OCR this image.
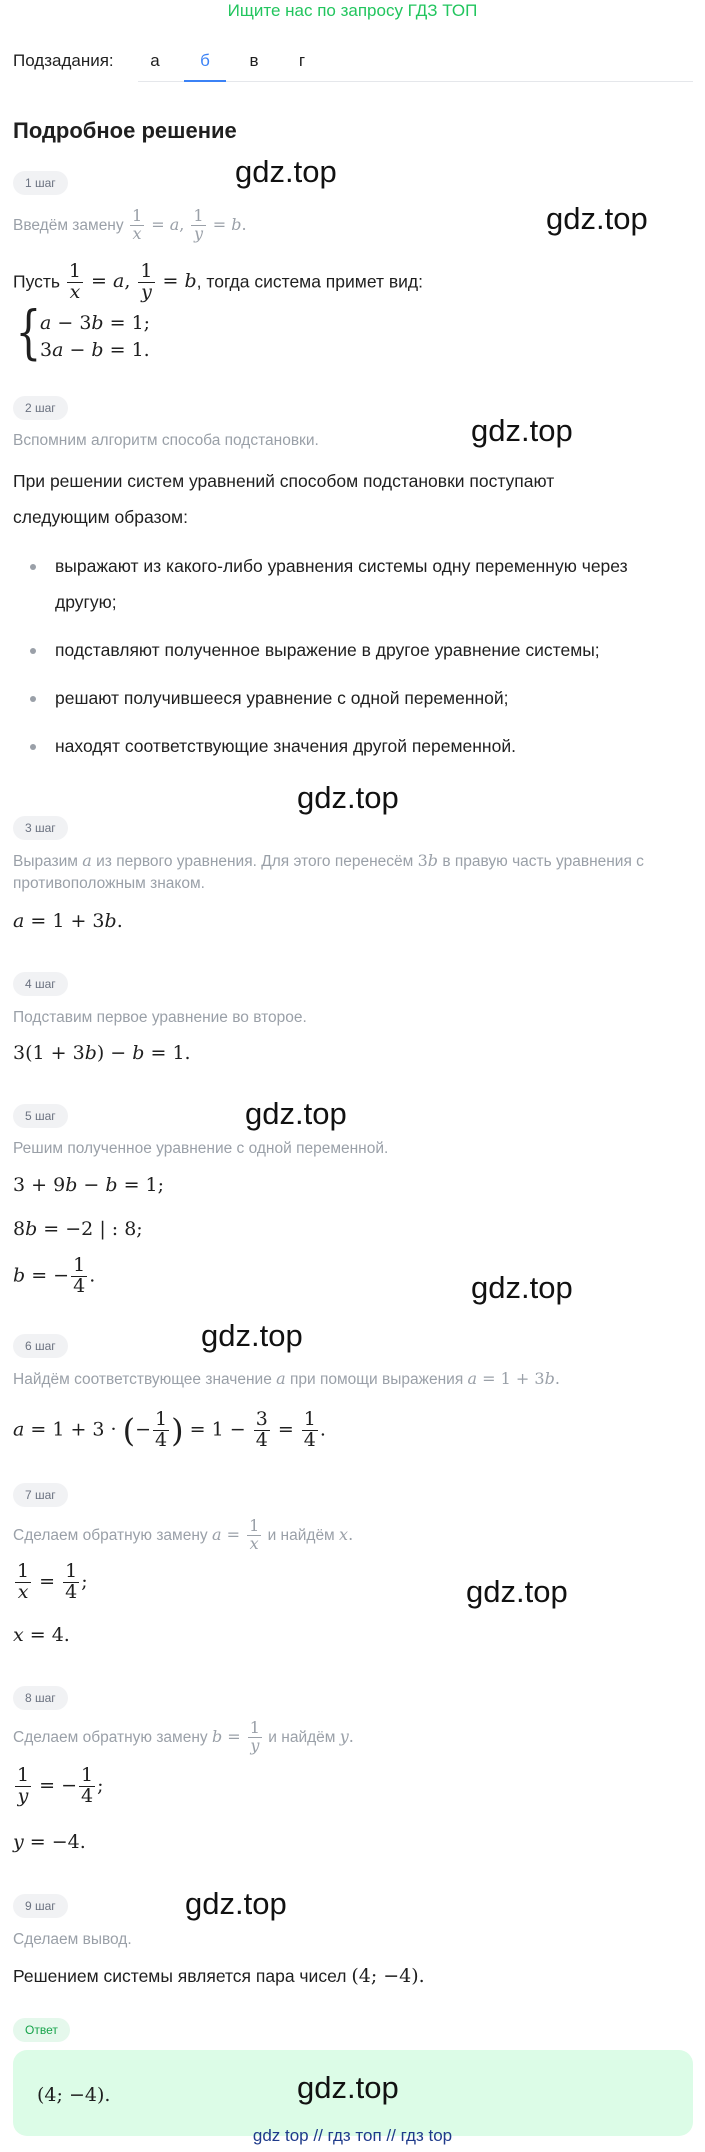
Ищите нас по запросу ГДЗ ТОП
Подзадания:	а	б	в	г
Подробное решение
1 шаг	gdz.top
gdz.top
Введём замену $\frac{1}{x} = a$, $\frac{1}{y} = b$.
Пусть $\frac{1}{x} = a$, $\frac{1}{y} = b$, тогда система примет вид:
{
a − 3b = 1;
3a − b = 1.
2 шаг
Вспомним алгоритм способа подстановки.	gdz.top
При решении систем уравнений способом подстановки поступают следующим образом:
выражают из какого-либо уравнения системы одну переменную через другую;
подставляют полученное выражение в другое уравнение системы;
решают получившееся уравнение с одной переменной;
находят соответствующие значения другой переменной.
gdz.top
3 шаг
Выразим a из первого уравнения. Для этого перенесём 3b в правую часть уравнения с противоположным знаком.
a = 1 + 3b.
4 шаг
Подставим первое уравнение во второе.
3(1 + 3b) − b = 1.
5 шаг	gdz.top
Решим полученное уравнение с одной переменной.
3 + 9b − b = 1;
8b = −2 | : 8;
b = − $\frac{1}{4}$ .	gdz.top
gdz.top
6 шаг
Найдём соответствующее значение a при помощи выражения a = 1 + 3b.
a = 1 + 3 · (− $\frac{1}{4}$ ) = $1 - \frac{3}{4} = \frac{1}{4}$ .
7 шаг
Сделаем обратную замену $a = \frac{1}{x}$ и найдём x.
$\frac{1}{x} = \frac{1}{4}$ ;	gdz.top
x = 4.
8 шаг
Сделаем обратную замену $b = \frac{1}{y}$ и найдём y.
$\frac{1}{y}$ = − $\frac{1}{4}$ ;
y = −4.
9 шаг	gdz.top
Сделаем вывод.
Решением системы является пара чисел (4; −4).
Ответ
(4; −4).	gdz.top
gdz top // гдз топ // гдз top
